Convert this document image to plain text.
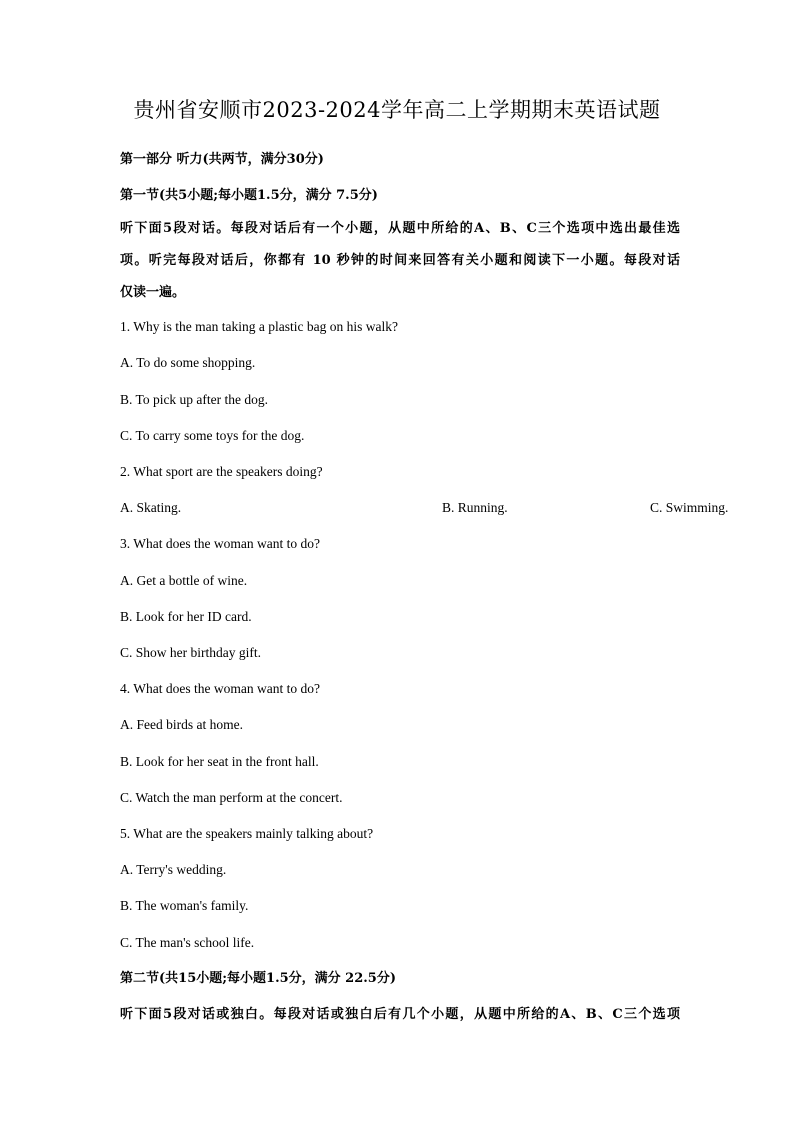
贵州省安顺市2023-2024学年高二上学期期末英语试题
第一部分 听力(共两节，满分30分)
第一节(共5小题;每小题1.5分，满分 7.5分)
听下面5段对话。每段对话后有一个小题，从题中所给的A、B、C三个选项中选出最佳选
项。听完每段对话后，你都有 10 秒钟的时间来回答有关小题和阅读下一小题。每段对话
仅读一遍。
1. Why is the man taking a plastic bag on his walk?
A. To do some shopping.
B. To pick up after the dog.
C. To carry some toys for the dog.
2. What sport are the speakers doing?
A. Skating.	B. Running.	C. Swimming.
3. What does the woman want to do?
A. Get a bottle of wine.
B. Look for her ID card.
C. Show her birthday gift.
4. What does the woman want to do?
A. Feed birds at home.
B. Look for her seat in the front hall.
C. Watch the man perform at the concert.
5. What are the speakers mainly talking about?
A. Terry's wedding.
B. The woman's family.
C. The man's school life.
第二节(共15小题;每小题1.5分，满分 22.5分)
听下面5段对话或独白。每段对话或独白后有几个小题，从题中所给的A、B、C三个选项
